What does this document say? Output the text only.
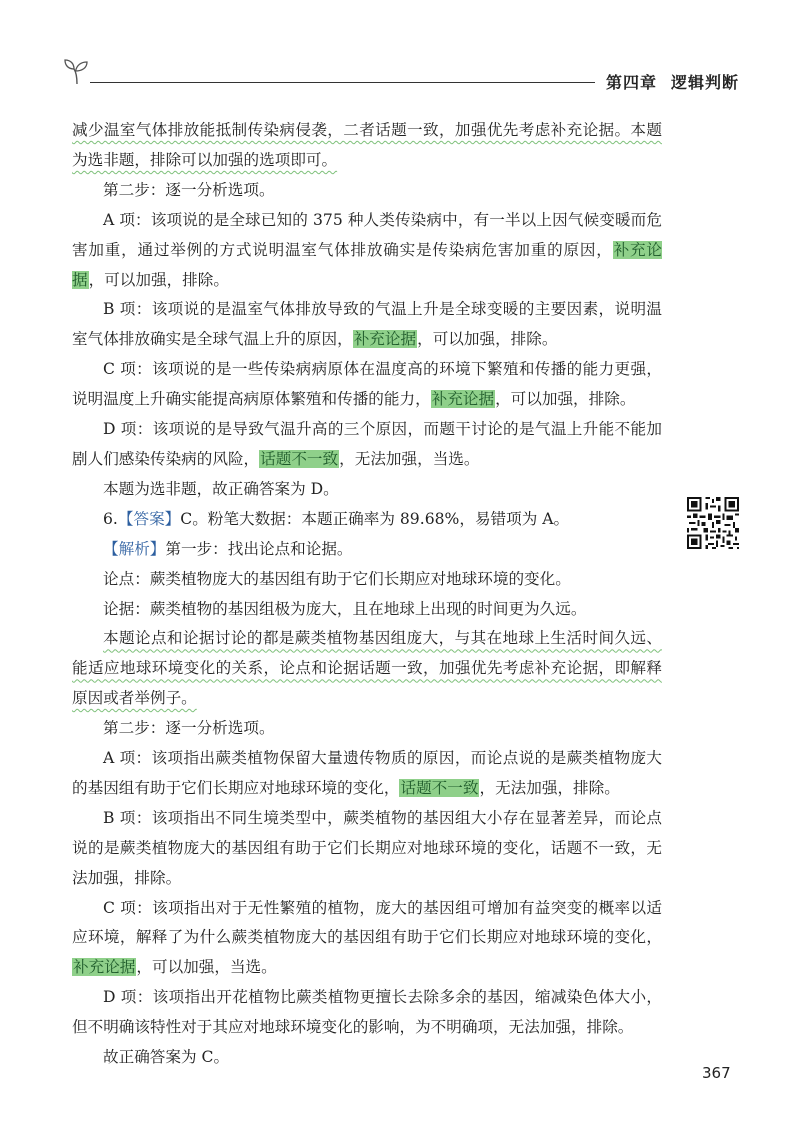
第四章 逻辑判断

减少温室气体排放能抵制传染病侵袭，二者话题一致，加强优先考虑补充论据。本题为选非题，排除可以加强的选项即可。

第二步：逐一分析选项。

A 项：该项说的是全球已知的 375 种人类传染病中，有一半以上因气候变暖而危害加重，通过举例的方式说明温室气体排放确实是传染病危害加重的原因，补充论据，可以加强，排除。

B 项：该项说的是温室气体排放导致的气温上升是全球变暖的主要因素，说明温室气体排放确实是全球气温上升的原因，补充论据，可以加强，排除。

C 项：该项说的是一些传染病病原体在温度高的环境下繁殖和传播的能力更强，说明温度上升确实能提高病原体繁殖和传播的能力，补充论据，可以加强，排除。

D 项：该项说的是导致气温升高的三个原因，而题干讨论的是气温上升能不能加剧人们感染传染病的风险，话题不一致，无法加强，当选。

本题为选非题，故正确答案为 D。

6.【答案】C。粉笔大数据：本题正确率为 89.68%，易错项为 A。

【解析】第一步：找出论点和论据。

论点：蕨类植物庞大的基因组有助于它们长期应对地球环境的变化。

论据：蕨类植物的基因组极为庞大，且在地球上出现的时间更为久远。

本题论点和论据讨论的都是蕨类植物基因组庞大，与其在地球上生活时间久远、能适应地球环境变化的关系，论点和论据话题一致，加强优先考虑补充论据，即解释原因或者举例子。

第二步：逐一分析选项。

A 项：该项指出蕨类植物保留大量遗传物质的原因，而论点说的是蕨类植物庞大的基因组有助于它们长期应对地球环境的变化，话题不一致，无法加强，排除。

B 项：该项指出不同生境类型中，蕨类植物的基因组大小存在显著差异，而论点说的是蕨类植物庞大的基因组有助于它们长期应对地球环境的变化，话题不一致，无法加强，排除。

C 项：该项指出对于无性繁殖的植物，庞大的基因组可增加有益突变的概率以适应环境，解释了为什么蕨类植物庞大的基因组有助于它们长期应对地球环境的变化，补充论据，可以加强，当选。

D 项：该项指出开花植物比蕨类植物更擅长去除多余的基因，缩减染色体大小，但不明确该特性对于其应对地球环境变化的影响，为不明确项，无法加强，排除。

故正确答案为 C。

367
